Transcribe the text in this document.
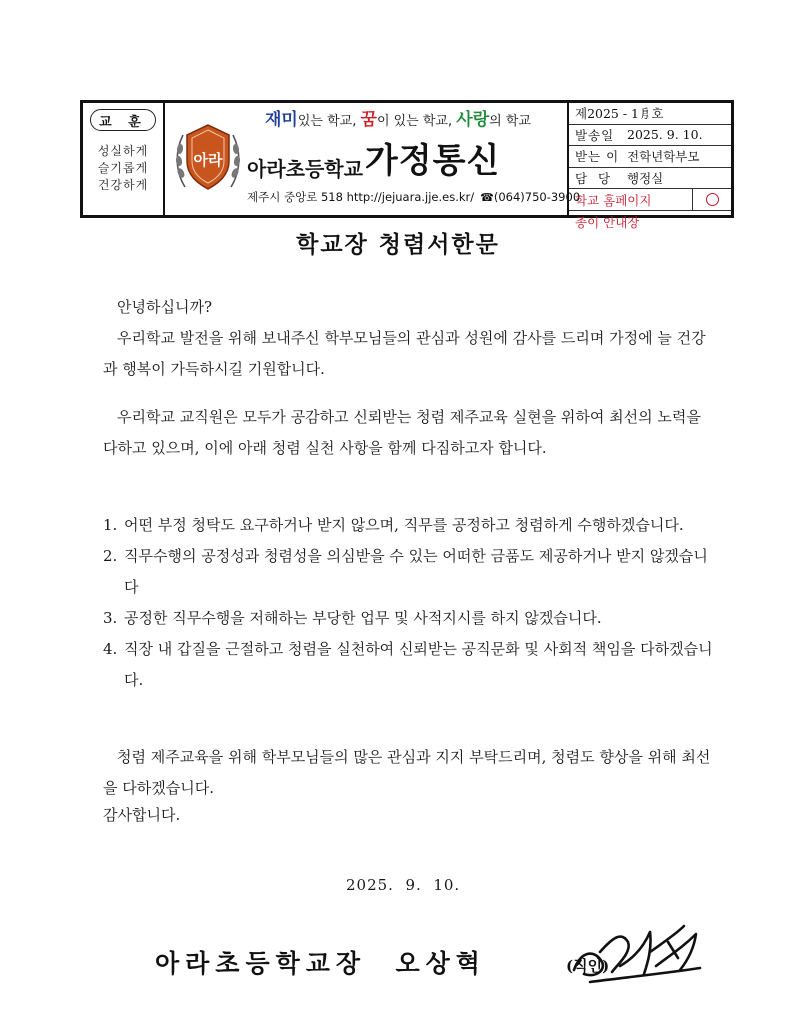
교 훈
성실하게
슬기롭게
건강하게
재미있는 학교, 꿈이 있는 학교, 사랑의 학교
아라 아라초등학교가정통신
제주시 중앙로 518 http://jejuara.jje.es.kr/ ☎(064)750-3900
제2025 - 1㐆호
발송일	2025. 9. 10.
받는 이 전학년학부모
담  당	행정실
학교 홈페이지
종이 안내장
학교장 청렴서한문
안녕하십니까?
우리학교 발전을 위해 보내주신 학부모님들의 관심과 성원에 감사를 드리며 가정에 늘 건강과 행복이 가득하시길 기원합니다.
우리학교 교직원은 모두가 공감하고 신뢰받는 청렴 제주교육 실현을 위하여 최선의 노력을 다하고 있으며, 이에 아래 청렴 실천 사항을 함께 다짐하고자 합니다.
1. 어떤 부정 청탁도 요구하거나 받지 않으며, 직무를 공정하고 청렴하게 수행하겠습니다.
2. 직무수행의 공정성과 청렴성을 의심받을 수 있는 어떠한 금품도 제공하거나 받지 않겠습니다
3. 공정한 직무수행을 저해하는 부당한 업무 및 사적지시를 하지 않겠습니다.
4. 직장 내 갑질을 근절하고 청렴을 실천하여 신뢰받는 공직문화 및 사회적 책임을 다하겠습니다.
청렴 제주교육을 위해 학부모님들의 많은 관심과 지지 부탁드리며, 청렴도 향상을 위해 최선을 다하겠습니다.
감사합니다.
2025.  9.  10.
아라초등학교장  오상혁	(직인)
